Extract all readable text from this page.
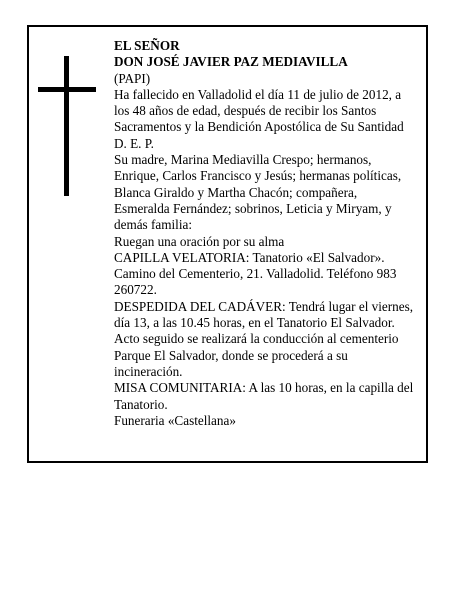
EL SEÑOR
DON JOSÉ JAVIER PAZ MEDIAVILLA
(PAPI)
Ha fallecido en Valladolid el día 11 de julio de 2012, a los 48 años de edad, después de recibir los Santos Sacramentos y la Bendición Apostólica de Su Santidad D. E. P.
Su madre, Marina Mediavilla Crespo; hermanos, Enrique, Carlos Francisco y Jesús; hermanas políticas, Blanca Giraldo y Martha Chacón; compañera, Esmeralda Fernández; sobrinos, Leticia y Miryam, y demás familia:
Ruegan una oración por su alma
CAPILLA VELATORIA: Tanatorio «El Salvador». Camino del Cementerio, 21. Valladolid. Teléfono 983 260722.
DESPEDIDA DEL CADÁVER: Tendrá lugar el viernes, día 13, a las 10.45 horas, en el Tanatorio El Salvador. Acto seguido se realizará la conducción al cementerio Parque El Salvador, donde se procederá a su incineración.
MISA COMUNITARIA: A las 10 horas, en la capilla del Tanatorio.
Funeraria «Castellana»
